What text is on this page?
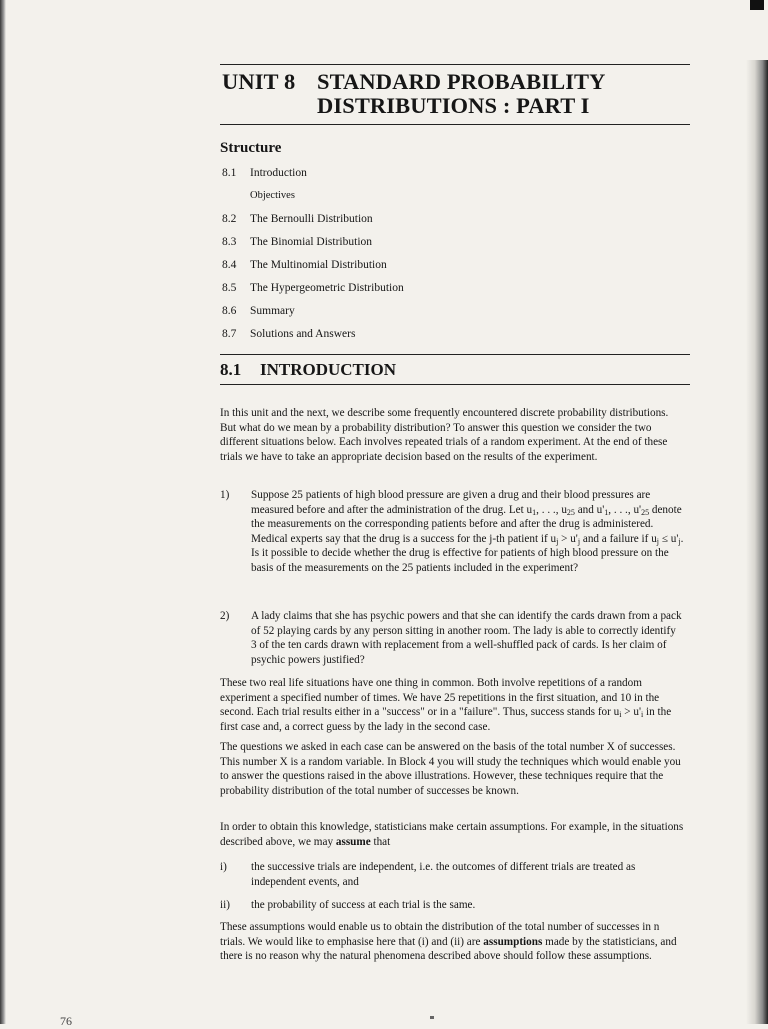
UNIT 8 STANDARD PROBABILITY
DISTRIBUTIONS : PART I
Structure
8.1	Introduction
Objectives
8.2	The Bernoulli Distribution
8.3	The Binomial Distribution
8.4	The Multinomial Distribution
8.5	The Hypergeometric Distribution
8.6	Summary
8.7	Solutions and Answers
8.1 INTRODUCTION

In this unit and the next, we describe some frequently encountered discrete probability distributions. But what do we mean by a probability distribution? To answer this question we consider the two different situations below. Each involves repeated trials of a random experiment. At the end of these trials we have to take an appropriate decision based on the results of the experiment.

1)	Suppose 25 patients of high blood pressure are given a drug and their blood pressures are measured before and after the administration of the drug. Let $u_1$, . . ., $u_{25}$ and $u'_1$, . . ., $u'_{25}$ denote the measurements on the corresponding patients before and after the drug is administered. Medical experts say that the drug is a success for the j-th patient if $u_j > u'_j$ and a failure if $u_j \le u'_j$. Is it possible to decide whether the drug is effective for patients of high blood pressure on the basis of the measurements on the 25 patients included in the experiment?
2)	A lady claims that she has psychic powers and that she can identify the cards drawn from a pack of 52 playing cards by any person sitting in another room. The lady is able to correctly identify 3 of the ten cards drawn with replacement from a well-shuffled pack of cards. Is her claim of psychic powers justified?

These two real life situations have one thing in common. Both involve repetitions of a random experiment a specified number of times. We have 25 repetitions in the first situation, and 10 in the second. Each trial results either in a "success" or in a "failure". Thus, success stands for $u_i > u'_i$ in the first case and, a correct guess by the lady in the second case.

The questions we asked in each case can be answered on the basis of the total number X of successes. This number X is a random variable. In Block 4 you will study the techniques which would enable you to answer the questions raised in the above illustrations. However, these techniques require that the probability distribution of the total number of successes be known.

In order to obtain this knowledge, statisticians make certain assumptions. For example, in the situations described above, we may assume that

i)	the successive trials are independent, i.e. the outcomes of different trials are treated as independent events, and
ii)	the probability of success at each trial is the same.

These assumptions would enable us to obtain the distribution of the total number of successes in n trials. We would like to emphasise here that (i) and (ii) are assumptions made by the statisticians, and there is no reason why the natural phenomena described above should follow these assumptions.

76
